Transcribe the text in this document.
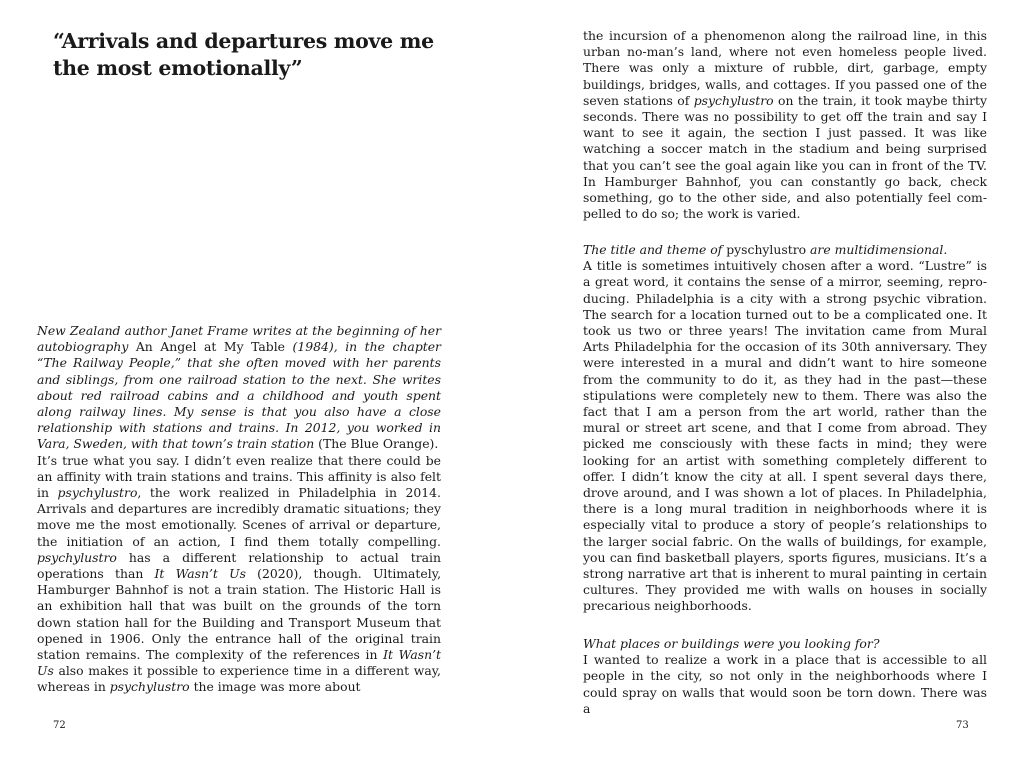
“Arrivals and departures move me the most emotionally”

New Zealand author Janet Frame writes at the beginning of her autobiography An Angel at My Table (1984), in the chapter “The Railway People,” that she often moved with her parents and siblings, from one railroad station to the next. She writes about red railroad cabins and a childhood and youth spent along railway lines. My sense is that you also have a close relationship with stations and trains. In 2012, you worked in Vara, Sweden, with that town’s train station (The Blue Orange).

It’s true what you say. I didn’t even realize that there could be an affinity with train stations and trains. This affinity is also felt in psychylustro, the work realized in Philadelphia in 2014. Arrivals and departures are incredibly dramatic situations; they move me the most emotionally. Scenes of arrival or departure, the initiation of an action, I find them totally compelling. psychylustro has a different relationship to actual train operations than It Wasn’t Us (2020), though. Ultimately, Hamburger Bahnhof is not a train station. The Historic Hall is an exhibition hall that was built on the grounds of the torn down station hall for the Building and Transport Museum that opened in 1906. Only the entrance hall of the original train station remains. The complexity of the references in It Wasn’t Us also makes it possible to experience time in a different way, whereas in psychylustro the image was more about

72

the incursion of a phenomenon along the railroad line, in this urban no-man’s land, where not even homeless people lived. There was only a mixture of rubble, dirt, garbage, empty buildings, bridges, walls, and cottages. If you passed one of the seven stations of psychylustro on the train, it took maybe thirty seconds. There was no possibility to get off the train and say I want to see it again, the section I just passed. It was like watching a soccer match in the stadium and being surprised that you can’t see the goal again like you can in front of the TV. In Hamburger Bahnhof, you can constantly go back, check something, go to the other side, and also potentially feel compelled to do so; the work is varied.

The title and theme of pyschylustro are multidimensional.

A title is sometimes intuitively chosen after a word. “Lustre” is a great word, it contains the sense of a mirror, seeming, reproducing. Philadelphia is a city with a strong psychic vibration. The search for a location turned out to be a complicated one. It took us two or three years! The invitation came from Mural Arts Philadelphia for the occasion of its 30th anniversary. They were interested in a mural and didn’t want to hire someone from the community to do it, as they had in the past—these stipulations were completely new to them. There was also the fact that I am a person from the art world, rather than the mural or street art scene, and that I come from abroad. They picked me consciously with these facts in mind; they were looking for an artist with something completely different to offer. I didn’t know the city at all. I spent several days there, drove around, and I was shown a lot of places. In Philadelphia, there is a long mural tradition in neighborhoods where it is especially vital to produce a story of people’s relationships to the larger social fabric. On the walls of buildings, for example, you can find basketball players, sports figures, musicians. It’s a strong narrative art that is inherent to mural painting in certain cultures. They provided me with walls on houses in socially precarious neighborhoods.

What places or buildings were you looking for?

I wanted to realize a work in a place that is accessible to all people in the city, so not only in the neighborhoods where I could spray on walls that would soon be torn down. There was a

73
